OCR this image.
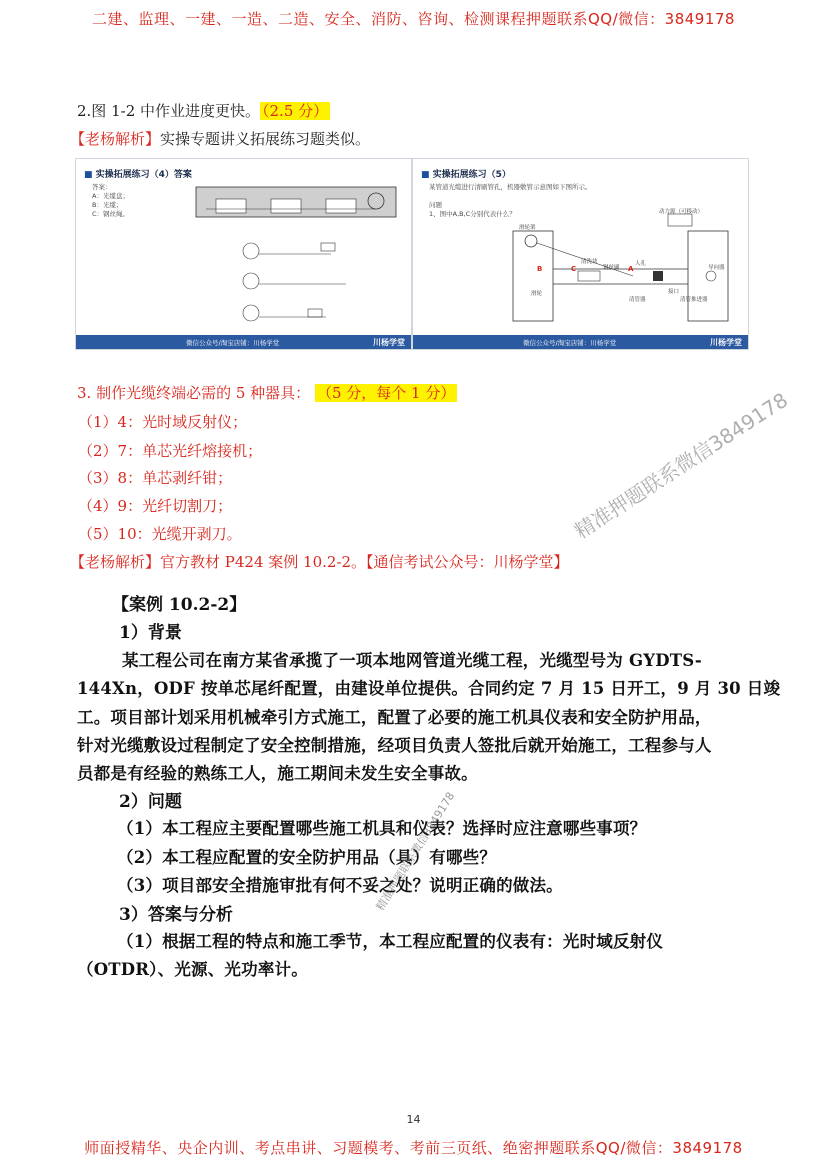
二建、监理、一建、一造、二造、安全、消防、咨询、检测课程押题联系QQ/微信：3849178
2.图 1-2 中作业进度更快。 （2.5 分）
【老杨解析】实操专题讲义拓展练习题类似。
■ 实操拓展练习（4）答案
答案：
A：光缆盘；
B：光缆；
C：钢丝绳。
微信公众号/淘宝店铺：川杨学堂	川杨学堂
■ 实操拓展练习（5）
某管道光缆进行清刷管孔，机器敷管示意图如下图所示。

问题
1、图中A,B,C分别代表什么？
微信公众号/淘宝店铺：川杨学堂	川杨学堂
滑轮架
动力源（可移动）
清洗块
钢丝刷
人孔
接口
导向器
滑轮
清管器	清管推进器
A
B	C
3. 制作光缆终端必需的 5 种器具： （5 分，每个 1 分）
（1）4：光时域反射仪；
（2）7：单芯光纤熔接机；
（3）8：单芯剥纤钳；
（4）9：光纤切割刀；
（5）10：光缆开剥刀。
【老杨解析】官方教材 P424 案例 10.2-2。【通信考试公众号：川杨学堂】
【案例 10.2-2】
1）背景
某工程公司在南方某省承揽了一项本地网管道光缆工程，光缆型号为 GYDTS-
144Xn，ODF 按单芯尾纤配置，由建设单位提供。合同约定 7 月 15 日开工，9 月 30 日竣
工。项目部计划采用机械牵引方式施工，配置了必要的施工机具仪表和安全防护用品，
针对光缆敷设过程制定了安全控制措施，经项目负责人签批后就开始施工，工程参与人
员都是有经验的熟练工人，施工期间未发生安全事故。
2）问题
（1）本工程应主要配置哪些施工机具和仪表？选择时应注意哪些事项？
（2）本工程应配置的安全防护用品（具）有哪些？
（3）项目部安全措施审批有何不妥之处？说明正确的做法。
3）答案与分析
（1）根据工程的特点和施工季节，本工程应配置的仪表有：光时域反射仪
（OTDR）、光源、光功率计。
精准押题联系微信3849178
精准押题联系微信3849178
14
师面授精华、央企内训、考点串讲、习题模考、考前三页纸、绝密押题联系QQ/微信：3849178
